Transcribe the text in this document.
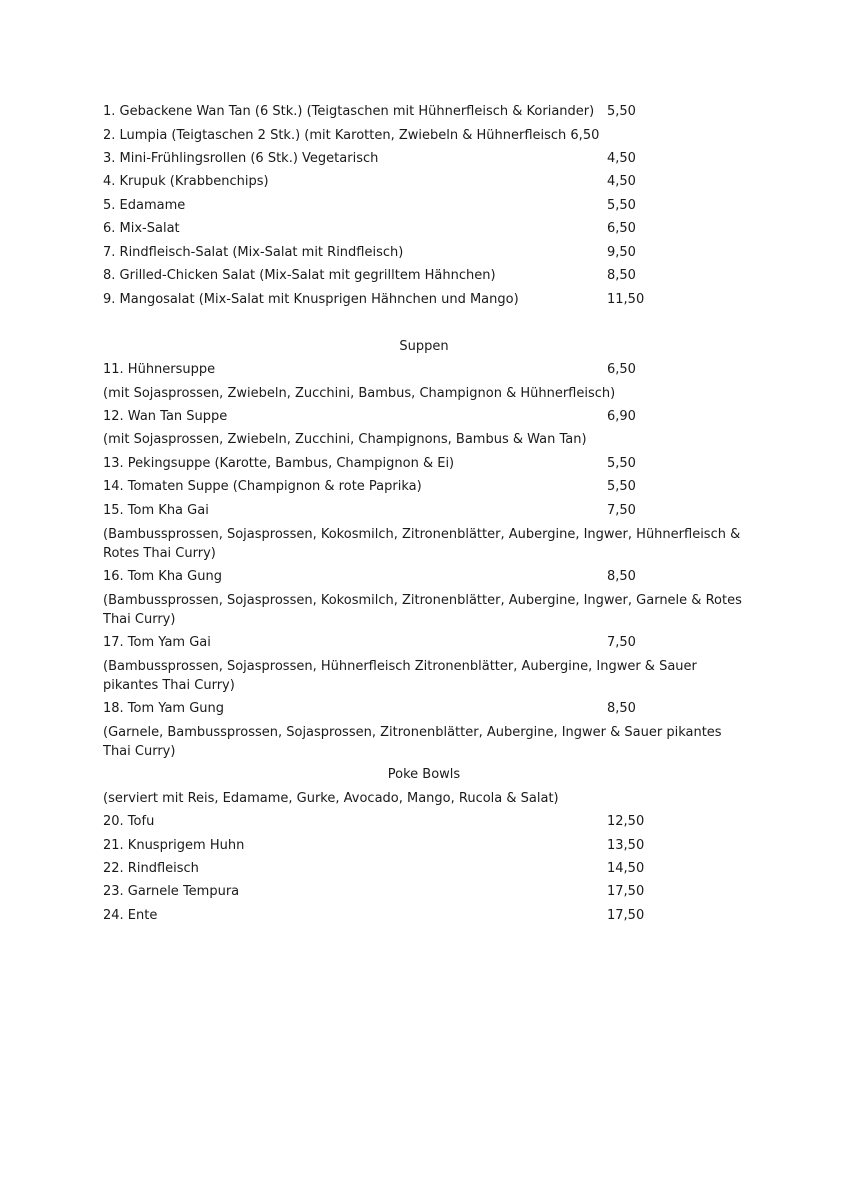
1. Gebackene Wan Tan (6 Stk.) (Teigtaschen mit Hühnerfleisch & Koriander) 5,50
2. Lumpia (Teigtaschen 2 Stk.) (mit Karotten, Zwiebeln & Hühnerfleisch 6,50
3. Mini-Frühlingsrollen (6 Stk.) Vegetarisch	4,50
4. Krupuk (Krabbenchips)	4,50
5. Edamame	5,50
6. Mix-Salat	6,50
7. Rindfleisch-Salat (Mix-Salat mit Rindfleisch)	9,50
8. Grilled-Chicken Salat (Mix-Salat mit gegrilltem Hähnchen)	8,50
9. Mangosalat (Mix-Salat mit Knusprigen Hähnchen und Mango)	11,50
Suppen
11. Hühnersuppe	6,50
(mit Sojasprossen, Zwiebeln, Zucchini, Bambus, Champignon & Hühnerfleisch)
12. Wan Tan Suppe	6,90
(mit Sojasprossen, Zwiebeln, Zucchini, Champignons, Bambus & Wan Tan)
13. Pekingsuppe (Karotte, Bambus, Champignon & Ei)	5,50
14. Tomaten Suppe (Champignon & rote Paprika)	5,50
15. Tom Kha Gai	7,50
(Bambussprossen, Sojasprossen, Kokosmilch, Zitronenblätter, Aubergine, Ingwer, Hühnerfleisch & Rotes Thai Curry)
16. Tom Kha Gung	8,50
(Bambussprossen, Sojasprossen, Kokosmilch, Zitronenblätter, Aubergine, Ingwer, Garnele & Rotes Thai Curry)
17. Tom Yam Gai	7,50
(Bambussprossen, Sojasprossen, Hühnerfleisch Zitronenblätter, Aubergine, Ingwer & Sauer pikantes Thai Curry)
18. Tom Yam Gung	8,50
(Garnele, Bambussprossen, Sojasprossen, Zitronenblätter, Aubergine, Ingwer & Sauer pikantes Thai Curry)
Poke Bowls
(serviert mit Reis, Edamame, Gurke, Avocado, Mango, Rucola & Salat)
20. Tofu	12,50
21. Knusprigem Huhn	13,50
22. Rindfleisch	14,50
23. Garnele Tempura	17,50
24. Ente	17,50
